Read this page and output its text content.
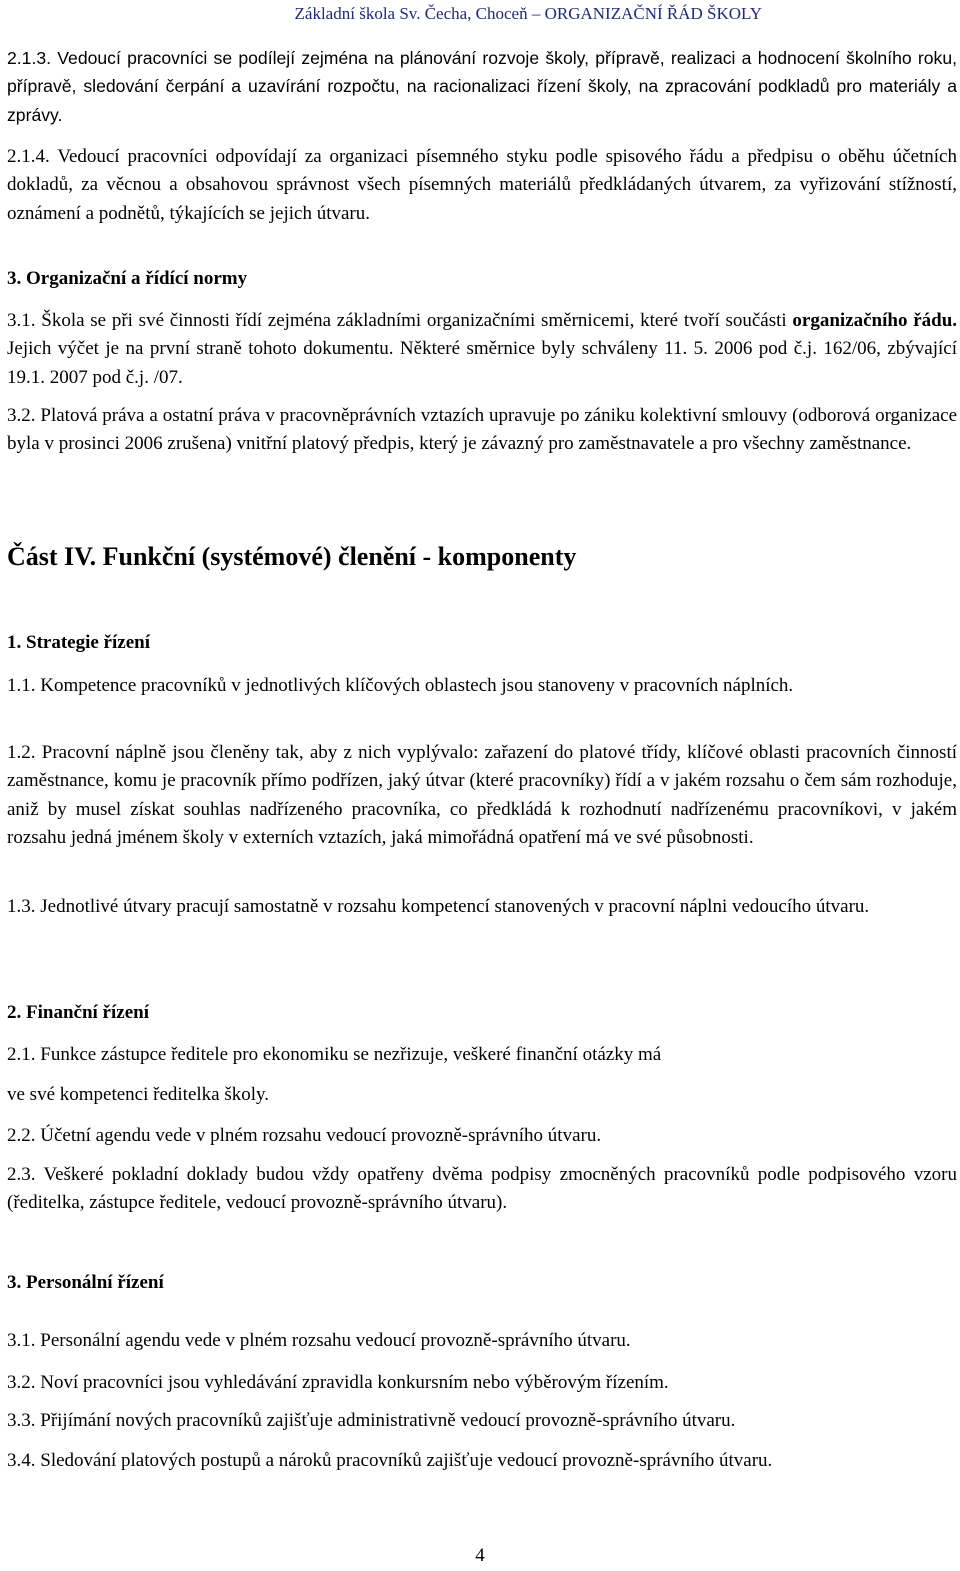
Základní škola Sv. Čecha, Choceň – ORGANIZAČNÍ ŘÁD ŠKOLY

2.1.3. Vedoucí pracovníci se podílejí zejména na plánování rozvoje školy, přípravě, realizaci a hodnocení školního roku, přípravě, sledování čerpání a uzavírání rozpočtu, na racionalizaci řízení školy, na zpracování podkladů pro materiály a zprávy.

2.1.4. Vedoucí pracovníci odpovídají za organizaci písemného styku podle spisového řádu a předpisu o oběhu účetních dokladů, za věcnou a obsahovou správnost všech písemných materiálů předkládaných útvarem, za vyřizování stížností, oznámení a podnětů, týkajících se jejich útvaru.

3. Organizační a řídící normy

3.1. Škola se při své činnosti řídí zejména základními organizačními směrnicemi, které tvoří součásti organizačního řádu. Jejich výčet je na první straně tohoto dokumentu. Některé směrnice byly schváleny 11. 5. 2006 pod č.j. 162/06, zbývající 19.1. 2007 pod č.j. /07.

3.2. Platová práva a ostatní práva v pracovněprávních vztazích upravuje po zániku kolektivní smlouvy (odborová organizace byla v prosinci 2006 zrušena) vnitřní platový předpis, který je závazný pro zaměstnavatele a pro všechny zaměstnance.

Část IV. Funkční (systémové) členění - komponenty
1. Strategie řízení

1.1. Kompetence pracovníků v jednotlivých klíčových oblastech jsou stanoveny v pracovních náplních.

1.2. Pracovní náplně jsou členěny tak, aby z nich vyplývalo: zařazení do platové třídy, klíčové oblasti pracovních činností zaměstnance, komu je pracovník přímo podřízen, jaký útvar (které pracovníky) řídí a v jakém rozsahu o čem sám rozhoduje, aniž by musel získat souhlas nadřízeného pracovníka, co předkládá k rozhodnutí nadřízenému pracovníkovi, v jakém rozsahu jedná jménem školy v externích vztazích, jaká mimořádná opatření má ve své působnosti.

1.3. Jednotlivé útvary pracují samostatně v rozsahu kompetencí stanovených v pracovní náplni vedoucího útvaru.

2. Finanční řízení

2.1. Funkce zástupce ředitele pro ekonomiku se nezřizuje, veškeré finanční otázky má

ve své kompetenci ředitelka školy.

2.2. Účetní agendu vede v plném rozsahu vedoucí provozně-správního útvaru.

2.3. Veškeré pokladní doklady budou vždy opatřeny dvěma podpisy zmocněných pracovníků podle podpisového vzoru (ředitelka, zástupce ředitele, vedoucí provozně-správního útvaru).

3. Personální řízení

3.1. Personální agendu vede v plném rozsahu vedoucí provozně-správního útvaru.

3.2. Noví pracovníci jsou vyhledávání zpravidla konkursním nebo výběrovým řízením.

3.3. Přijímání nových pracovníků zajišťuje administrativně vedoucí provozně-správního útvaru.

3.4. Sledování platových postupů a nároků pracovníků zajišťuje vedoucí provozně-správního útvaru.

4
